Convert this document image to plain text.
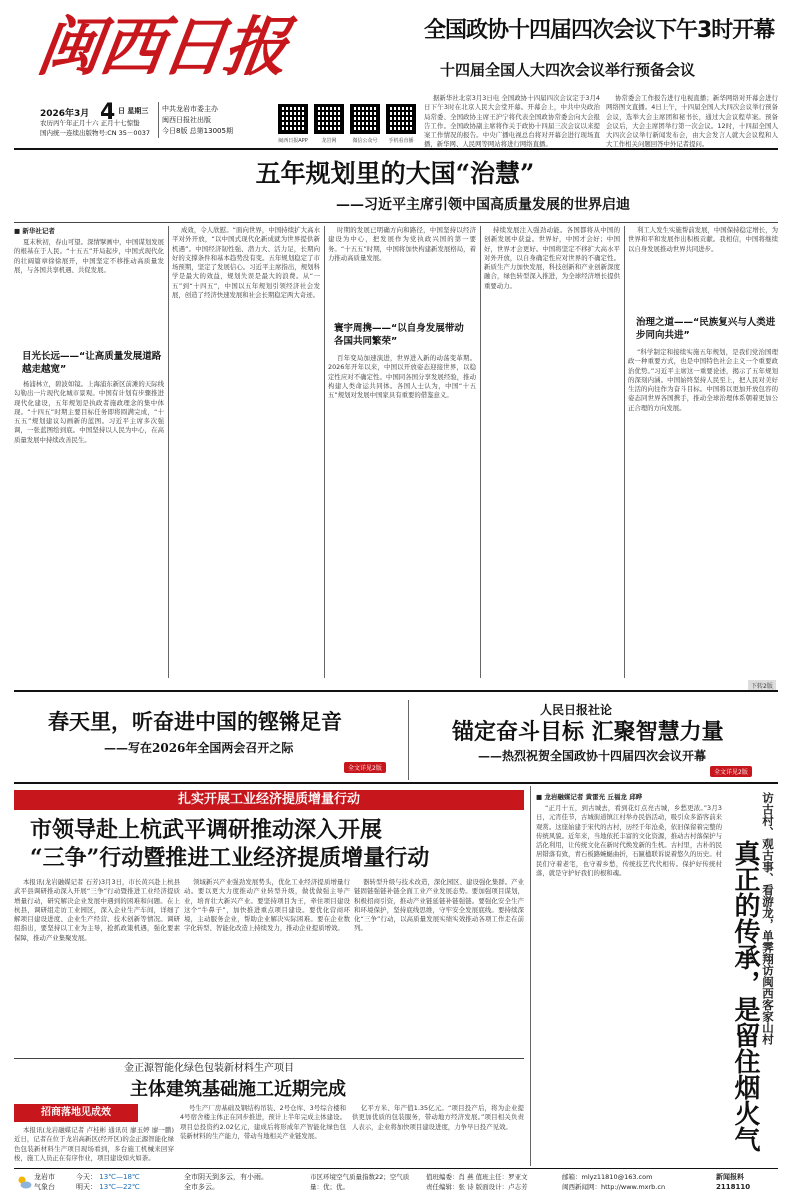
闽西日报
2026年3月 4 日 星期三
农历丙午年正月十六 正月十七惊蛰
国内统一连续出版物号:CN 35－0037
中共龙岩市委主办
闽西日报社出版
今日8版 总第13005期
闽西日报APP	龙岩网	微信公众号	手机看直播
全国政协十四届四次会议下午3时开幕
十四届全国人大四次会议举行预备会议

据新华社北京3月3日电 全国政协十四届四次会议定于3月4日下午3时在北京人民大会堂开幕。开幕会上，中共中央政治局常委、全国政协主席王沪宁将代表全国政协常委会向大会报告工作。全国政协副主席将作关于政协十四届三次会议以来提案工作情况的报告。中央广播电视总台将对开幕会进行现场直播，新华网、人民网等网站将进行网络直播。

协常委会工作报告进行电视直播；新华网络对开幕会进行网络图文直播。4日上午，十四届全国人大四次会议举行预备会议，选举大会主席团和秘书长，通过大会议程草案。预备会议后，大会主席团举行第一次会议。12时，十四届全国人大四次会议举行新闻发布会，由大会发言人就大会议程和人大工作相关问题回答中外记者提问。

五年规划里的大国“治慧”
——习近平主席引领中国高质量发展的世界启迪
■ 新华社记者

夏末秋初，春山可望。深情擘画中，中国谋划发展的根基在于人民。“十五五”开局起步，中国式现代化的壮阔篇章徐徐展开，中国坚定不移推动高质量发展，与各国共享机遇、共促发展。

目光长远——“让高质量发展道路越走越宽”

杨浦林立，碧波如镜。上海浦东新区前滩的天际线勾勒出一片现代化城市景观。中国有计划有步骤推进现代化建设，五年规划是执政者施政理念的集中体现。“十四五”时期主要目标任务即将圆满完成，“十五五”规划建议勾画新的蓝图。习近平主席多次强调，一张蓝图绘到底。中国坚持以人民为中心，在高质量发展中持续改善民生。

成效，令人欣慰。“面向世界，中国持续扩大高水平对外开放，“以中国式现代化新成就为世界提供新机遇”。中国经济韧性强、潜力大、活力足，长期向好的支撑条件和基本趋势没有变。五年规划稳定了市场预期，坚定了发展信心。习近平主席指出，规划科学是最大的效益，规划失误是最大的浪费。从“一五”到“十四五”，中国以五年规划引领经济社会发展，创造了经济快速发展和社会长期稳定两大奇迹。

时期的发展已明确方向和路径，中国坚持以经济建设为中心，把发展作为党执政兴国的第一要务。“十五五”时期，中国将加快构建新发展格局，着力推动高质量发展。

寰宇周携——“以自身发展带动各国共同繁荣”

百年变局加速演进，世界进入新的动荡变革期。2026年开年以来，中国以开放姿态迎接世界，以稳定性应对不确定性。中国同各国分享发展经验，推动构建人类命运共同体。各国人士认为，中国“十五五”规划对发展中国家具有重要的借鉴意义。

持续发展注入强劲动能。各国都将从中国的创新发展中获益。世界好，中国才会好；中国好，世界才会更好。中国将坚定不移扩大高水平对外开放，以自身确定性应对世界的不确定性。新质生产力加快发展，科技创新和产业创新深度融合，绿色转型深入推进，为全球经济增长提供重要动力。

利工人发生实施帮前发展，中国保持稳定增长，为世界和平和发展作出积极贡献。我相信，中国将继续以自身发展推动世界共同进步。

治理之道——“民族复兴与人类进步同向共进”

“科学制定和接续实施五年规划，是我们党治国理政一种重要方式，也是中国特色社会主义一个重要政治优势。”习近平主席这一重要论述，揭示了五年规划的深刻内涵。中国始终坚持人民至上，把人民对美好生活的向往作为奋斗目标。中国将以更加开放包容的姿态同世界各国携手，推动全球治理体系朝着更加公正合理的方向发展。

下转2版
春天里，听奋进中国的铿锵足音
——写在2026年全国两会召开之际
全文详见2版
人民日报社论
锚定奋斗目标 汇聚智慧力量
——热烈祝贺全国政协十四届四次会议开幕
全文详见2版
扎实开展工业经济提质增量行动
市领导赴上杭武平调研推动深入开展
“三争”行动暨推进工业经济提质增量行动

本报讯(龙岩融媒记者 石芳)3月3日，市长黄兴赴上杭县武平县调研推动深入开展“三争”行动暨推进工业经济提质增量行动，研究解决企业发展中遇到的困难和问题。在上杭县，调研组走访工业园区，深入企业生产车间，详细了解项目建设进度、企业生产经营、技术创新等情况。调研组指出，要坚持以工业为主导，抢抓政策机遇，强化要素保障，推动产业集聚发展。

领域新兴产业强劲发展势头，优化工业经济提质增量行动。要以更大力度推动产业转型升级，做优做强主导产业，培育壮大新兴产业。要坚持项目为王，牵住项目建设这个“牛鼻子”，加快推进重点项目建设。要优化营商环境，主动服务企业，帮助企业解决实际困难。要在企业数字化转型、智能化改造上持续发力，推动企业提质增效。

器转型升级与技术改造，深化园区、建设强化集群。产业链固链强链补链全面工业产业发展态势。要加强项目谋划，积极招商引资，推动产业链延链补链强链。要强化安全生产和环境保护，坚持底线思维，守牢安全发展底线。要持续深化“三争”行动，以高质量发展实绩实效推动各项工作走在前列。

金正源智能化绿色包装新材料生产项目
主体建筑基础施工近期完成
招商落地见成效

本报讯(龙岩融媒记者 卢桂彬 通讯员 廖玉婷 廖一鹏)近日，记者在位于龙岩高新区(经开区)的金正源智能化绿色包装新材料生产项目现场看到，多台施工机械来回穿梭，施工人员正在有序作业，项目建设如火如荼。

号生产厂房基础及钢结构吊装、2号仓库、3号综合楼和4号宿舍楼主体正在同步推进，预计上半年完成主体建设。项目总投资约2.02亿元，建成后将形成年产智能化绿色包装新材料的生产能力，带动当地相关产业链发展。

亿平方米、年产值1.35亿元。“项目投产后，将为企业提供更加优质的包装服务，带动地方经济发展。”项目相关负责人表示，企业将加快项目建设进度，力争早日投产见效。

■ 龙岩融媒记者 黄雷光 丘福龙 邱晔

“正月十五，到古城去，看到花灯点亮古城，乡愁更浓。”3月3日，元宵佳节，古城街道镇江村举办民俗活动，吸引众多游客前来观赏。这座始建于宋代的古村，历经千年沧桑，依旧保留着完整的传统风貌。近年来，当地依托丰富的文化资源，推动古村落保护与活化利用，让传统文化在新时代焕发新的生机。古村里，古朴的民居错落有致，青石板路蜿蜒曲折，石匾楹联诉说着悠久的历史。村民们守着老宅，也守着乡愁，传统技艺代代相传。保护好传统村落，就是守护好我们的根和魂。	访古村、观古事、看游龙，单霁翔访闽西客家山村
真正的传承，是留住烟火气
龙岩市
气象台
今天： 13℃—18℃
明天： 13℃—22℃
全市阴天到多云，有小雨。
全市多云。
市区环境空气质量指数22；空气质量：优；优。
值班编委：肖 燕 值班主任：罗亚文
责任编辑：张 诗 版面设计：卢志芳
邮箱：mlyz11810@163.com
闽西新闻网：http://www.mxrb.cn
新闻报料
2118110
